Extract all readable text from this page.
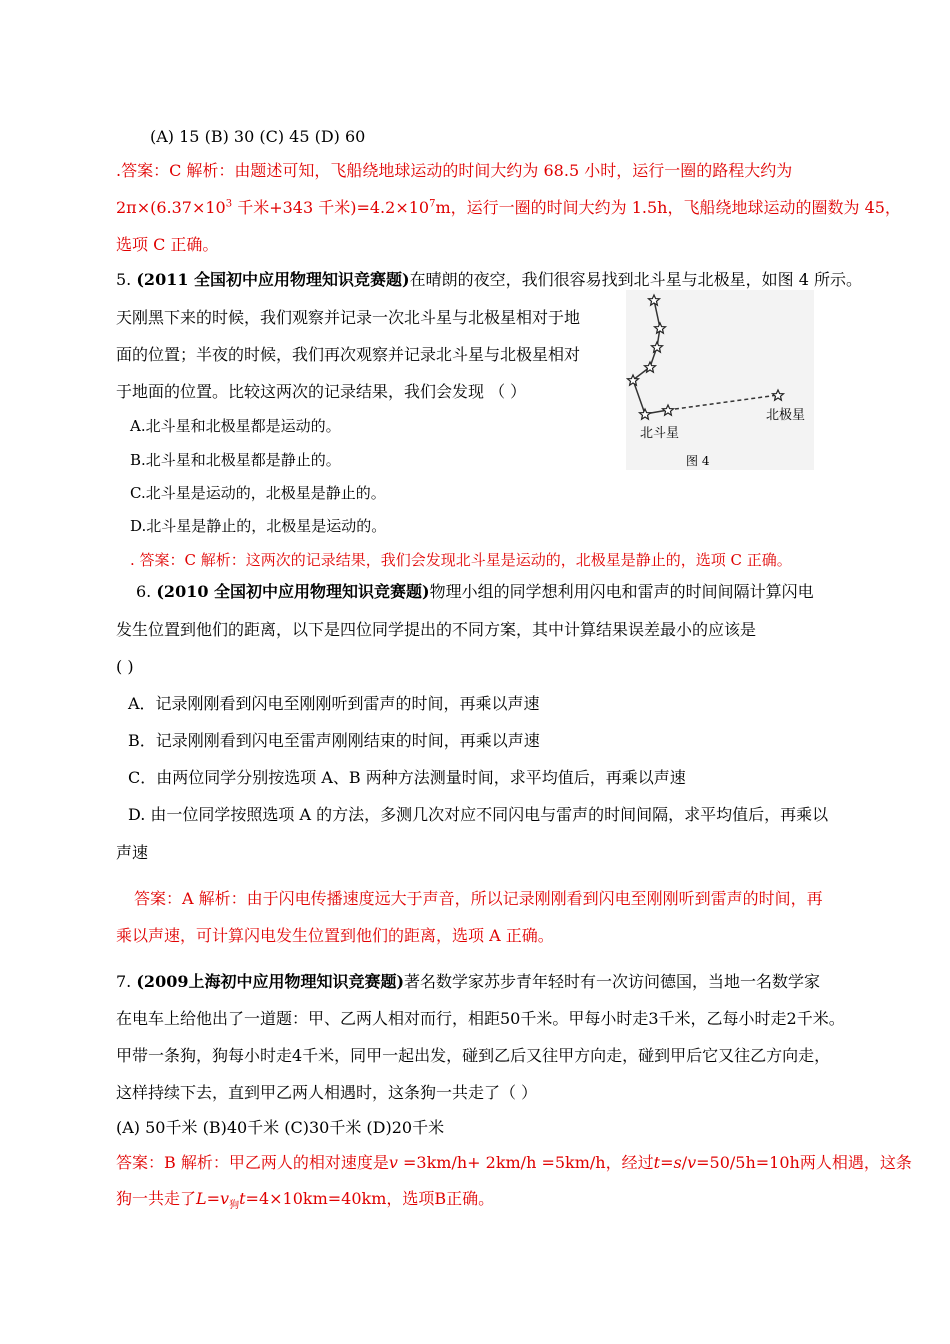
(A) 15 (B) 30 (C) 45 (D) 60
.答案：C 解析：由题述可知，飞船绕地球运动的时间大约为 68.5 小时，运行一圈的路程大约为
$2\pi\times(6.37\times 10^3$ 千米+343 千米)$=4.2\times 10^7m$，运行一圈的时间大约为 1.5h，飞船绕地球运动的圈数为 45，
选项 C 正确。
5. (2011 全国初中应用物理知识竞赛题)在晴朗的夜空，我们很容易找到北斗星与北极星，如图 4 所示。
天刚黑下来的时候，我们观察并记录一次北斗星与北极星相对于地
面的位置；半夜的时候，我们再次观察并记录北斗星与北极星相对
于地面的位置。比较这两次的记录结果，我们会发现 （ ）
A.北斗星和北极星都是运动的。
B.北斗星和北极星都是静止的。
C.北斗星是运动的，北极星是静止的。
D.北斗星是静止的，北极星是运动的。
. 答案：C 解析：这两次的记录结果，我们会发现北斗星是运动的，北极星是静止的，选项 C 正确。
北斗星
北极星
图 4
6. (2010 全国初中应用物理知识竞赛题)物理小组的同学想利用闪电和雷声的时间间隔计算闪电
发生位置到他们的距离，以下是四位同学提出的不同方案，其中计算结果误差最小的应该是
( )
A．记录刚刚看到闪电至刚刚听到雷声的时间，再乘以声速
B．记录刚刚看到闪电至雷声刚刚结束的时间，再乘以声速
C．由两位同学分别按选项 A、B 两种方法测量时间，求平均值后，再乘以声速
D. 由一位同学按照选项 A 的方法，多测几次对应不同闪电与雷声的时间间隔，求平均值后，再乘以
声速
答案：A 解析：由于闪电传播速度远大于声音，所以记录刚刚看到闪电至刚刚听到雷声的时间，再
乘以声速，可计算闪电发生位置到他们的距离，选项 A 正确。
7. (2009上海初中应用物理知识竞赛题)著名数学家苏步青年轻时有一次访问德国，当地一名数学家
在电车上给他出了一道题：甲、乙两人相对而行，相距50千米。甲每小时走3千米，乙每小时走2千米。
甲带一条狗，狗每小时走4千米，同甲一起出发，碰到乙后又往甲方向走，碰到甲后它又往乙方向走，
这样持续下去，直到甲乙两人相遇时，这条狗一共走了（ ）
(A) 50千米 (B)40千米 (C)30千米 (D)20千米
答案：B 解析：甲乙两人的相对速度是v =3km/h+ 2km/h =5km/h，经过t=s/v=50/5h=10h两人相遇，这条
狗一共走了$L=v_狗t=4\times 10km=40km$，选项B正确。
